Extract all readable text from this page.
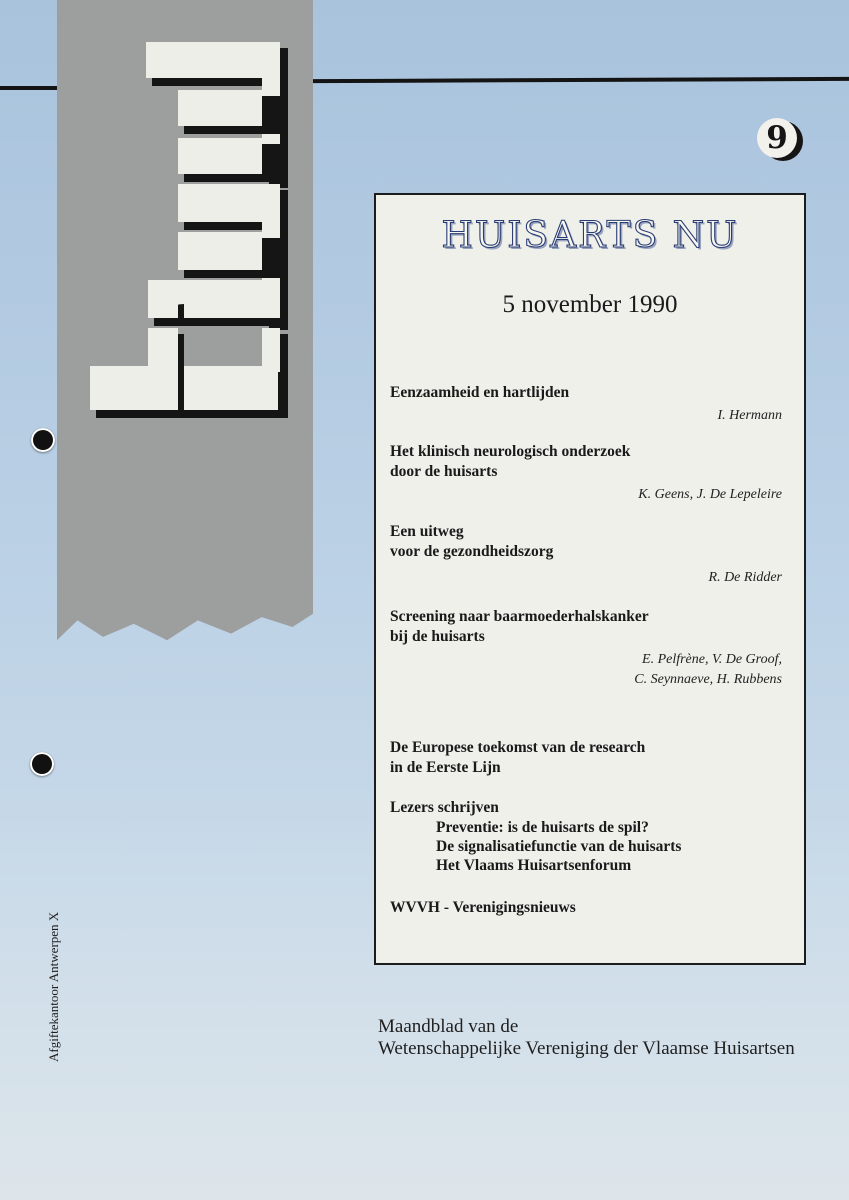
9
HUISARTS NU
5 november 1990
Eenzaamheid en hartlijden
I. Hermann
Het klinisch neurologisch onderzoek
door de huisarts
K. Geens, J. De Lepeleire
Een uitweg
voor de gezondheidszorg
R. De Ridder
Screening naar baarmoederhalskanker
bij de huisarts
E. Pelfrène, V. De Groof,
C. Seynnaeve, H. Rubbens
De Europese toekomst van de research
in de Eerste Lijn
Lezers schrijven
Preventie: is de huisarts de spil?
De signalisatiefunctie van de huisarts
Het Vlaams Huisartsenforum
WVVH - Verenigingsnieuws
Maandblad van de
Wetenschappelijke Vereniging der Vlaamse Huisartsen
Afgiftekantoor Antwerpen X
